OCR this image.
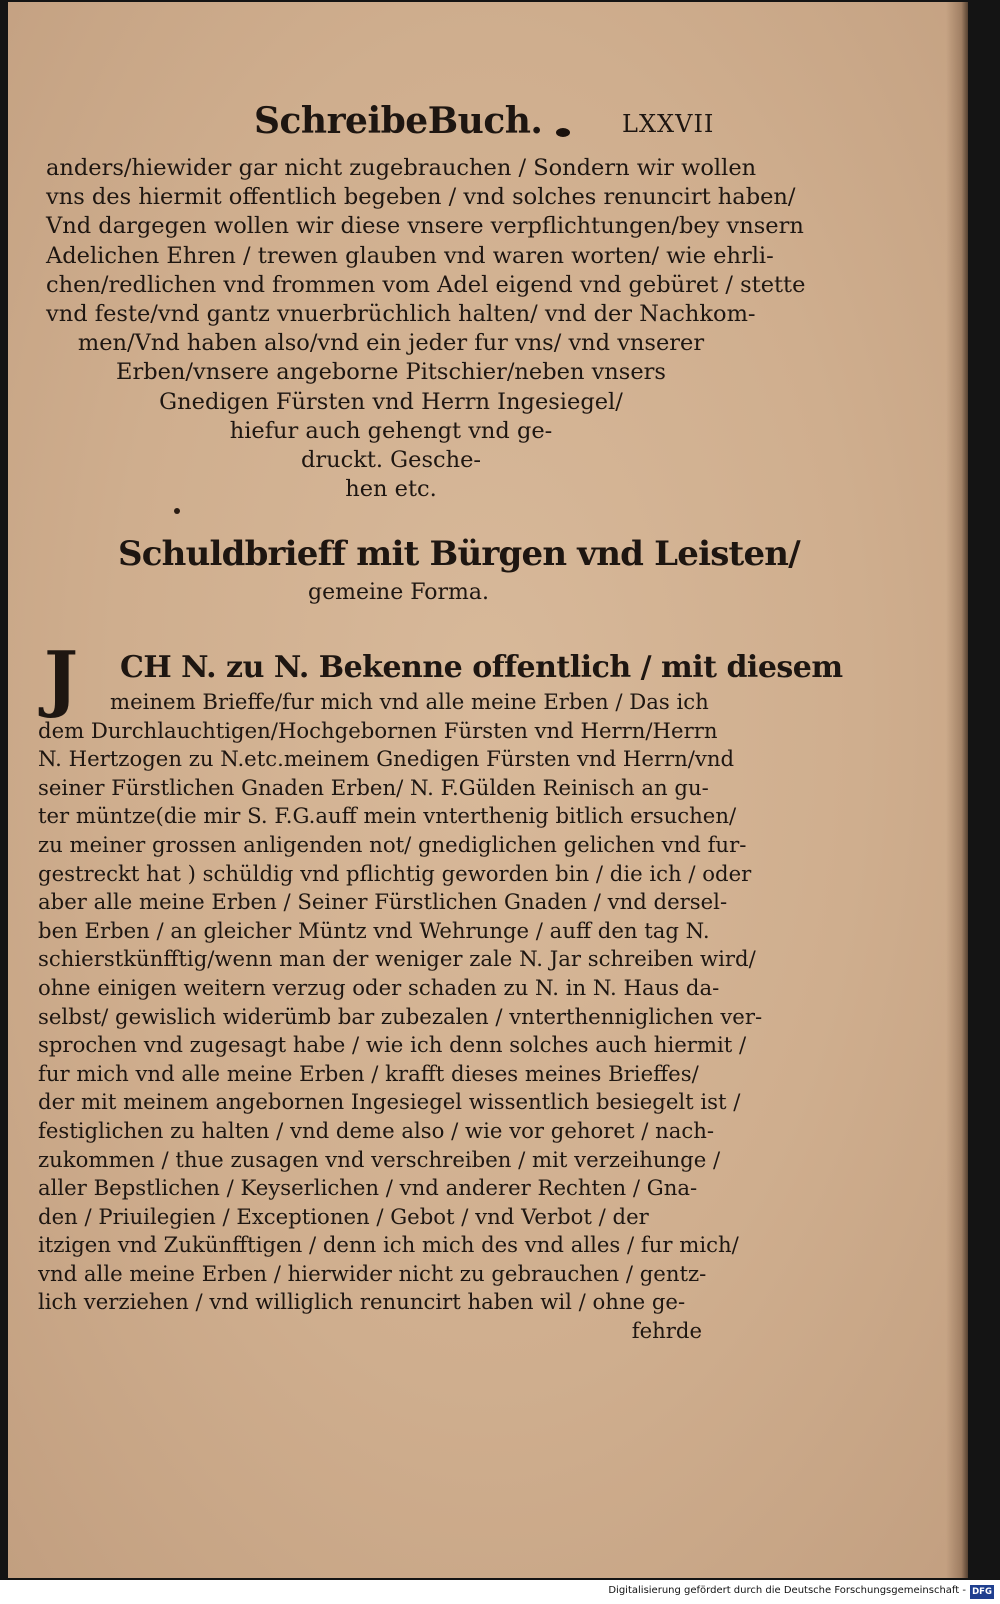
SchreibeBuch.	LXXVII
anders/hiewider gar nicht zugebrauchen / Sondern wir wollen
vns des hiermit offentlich begeben / vnd solches renuncirt haben/
Vnd dargegen wollen wir diese vnsere verpflichtungen/bey vnsern
Adelichen Ehren / trewen glauben vnd waren worten/ wie ehrli-
chen/redlichen vnd frommen vom Adel eigend vnd gebüret / stette
vnd feste/vnd gantz vnuerbrüchlich halten/ vnd der Nachkom-
men/Vnd haben also/vnd ein jeder fur vns/ vnd vnserer
Erben/vnsere angeborne Pitschier/neben vnsers
Gnedigen Fürsten vnd Herrn Ingesiegel/
hiefur auch gehengt vnd ge-
druckt. Gesche-
hen etc.
Schuldbrieff mit Bürgen vnd Leisten/
gemeine Forma.
J CH N. zu N. Bekenne offentlich / mit diesem
meinem Brieffe/fur mich vnd alle meine Erben / Das ich
dem Durchlauchtigen/Hochgebornen Fürsten vnd Herrn/Herrn
N. Hertzogen zu N.etc.meinem Gnedigen Fürsten vnd Herrn/vnd
seiner Fürstlichen Gnaden Erben/ N. F.Gülden Reinisch an gu-
ter müntze(die mir S. F.G.auff mein vnterthenig bitlich ersuchen/
zu meiner grossen anligenden not/ gnediglichen gelichen vnd fur-
gestreckt hat ) schüldig vnd pflichtig geworden bin / die ich / oder
aber alle meine Erben / Seiner Fürstlichen Gnaden / vnd dersel-
ben Erben / an gleicher Müntz vnd Wehrunge / auff den tag N.
schierstkünfftig/wenn man der weniger zale N. Jar schreiben wird/
ohne einigen weitern verzug oder schaden zu N. in N. Haus da-
selbst/ gewislich widerümb bar zubezalen / vnterthenniglichen ver-
sprochen vnd zugesagt habe / wie ich denn solches auch hiermit /
fur mich vnd alle meine Erben / krafft dieses meines Brieffes/
der mit meinem angebornen Ingesiegel wissentlich besiegelt ist /
festiglichen zu halten / vnd deme also / wie vor gehoret / nach-
zukommen / thue zusagen vnd verschreiben / mit verzeihunge /
aller Bepstlichen / Keyserlichen / vnd anderer Rechten / Gna-
den / Priuilegien / Exceptionen / Gebot / vnd Verbot / der
itzigen vnd Zukünfftigen / denn ich mich des vnd alles / fur mich/
vnd alle meine Erben / hierwider nicht zu gebrauchen / gentz-
lich verziehen / vnd williglich renuncirt haben wil / ohne ge-
fehrde
Digitalisierung gefördert durch die Deutsche Forschungsgemeinschaft - DFG
